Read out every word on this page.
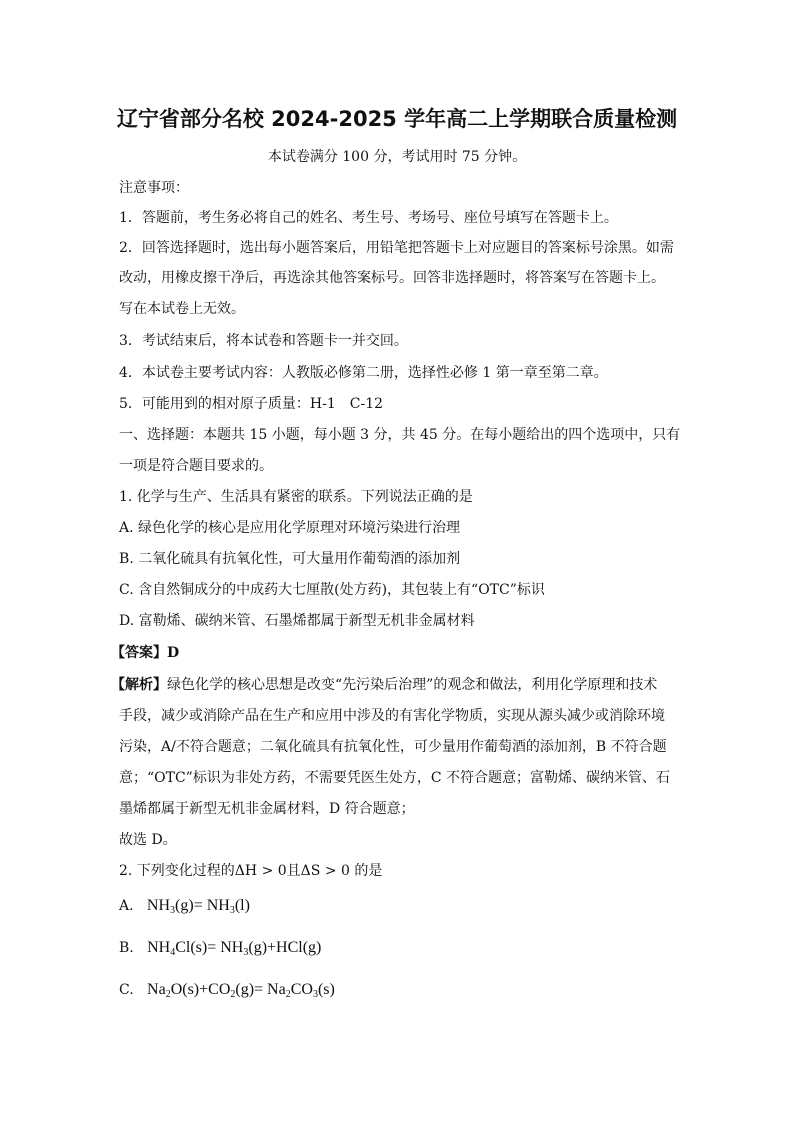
辽宁省部分名校 2024-2025 学年高二上学期联合质量检测
本试卷满分 100 分，考试用时 75 分钟。
注意事项：
1．答题前，考生务必将自己的姓名、考生号、考场号、座位号填写在答题卡上。
2．回答选择题时，选出每小题答案后，用铅笔把答题卡上对应题目的答案标号涂黑。如需
改动，用橡皮擦干净后，再选涂其他答案标号。回答非选择题时，将答案写在答题卡上。
写在本试卷上无效。
3．考试结束后，将本试卷和答题卡一并交回。
4．本试卷主要考试内容：人教版必修第二册，选择性必修 1 第一章至第二章。
5．可能用到的相对原子质量：H-1　C-12
一、选择题：本题共 15 小题，每小题 3 分，共 45 分。在每小题给出的四个选项中，只有
一项是符合题目要求的。
1. 化学与生产、生活具有紧密的联系。下列说法正确的是
A. 绿色化学的核心是应用化学原理对环境污染进行治理
B. 二氧化硫具有抗氧化性，可大量用作葡萄酒的添加剂
C. 含自然铜成分的中成药大七厘散(处方药)，其包装上有“OTC”标识
D. 富勒烯、碳纳米管、石墨烯都属于新型无机非金属材料
【答案】D
【解析】绿色化学的核心思想是改变“先污染后治理”的观念和做法，利用化学原理和技术
手段，减少或消除产品在生产和应用中涉及的有害化学物质，实现从源头减少或消除环境
污染，A/不符合题意；二氧化硫具有抗氧化性，可少量用作葡萄酒的添加剂，B 不符合题
意；“OTC”标识为非处方药，不需要凭医生处方，C 不符合题意；富勒烯、碳纳米管、石
墨烯都属于新型无机非金属材料，D 符合题意；
故选 D。
2. 下列变化过程的ΔH > 0且ΔS > 0 的是
A. $NH_3(g)= NH_3(l)$
B. $NH_4Cl(s)= NH_3(g)+HCl(g)$
C. $Na_2O(s)+CO_2(g)= Na_2CO_3(s)$
